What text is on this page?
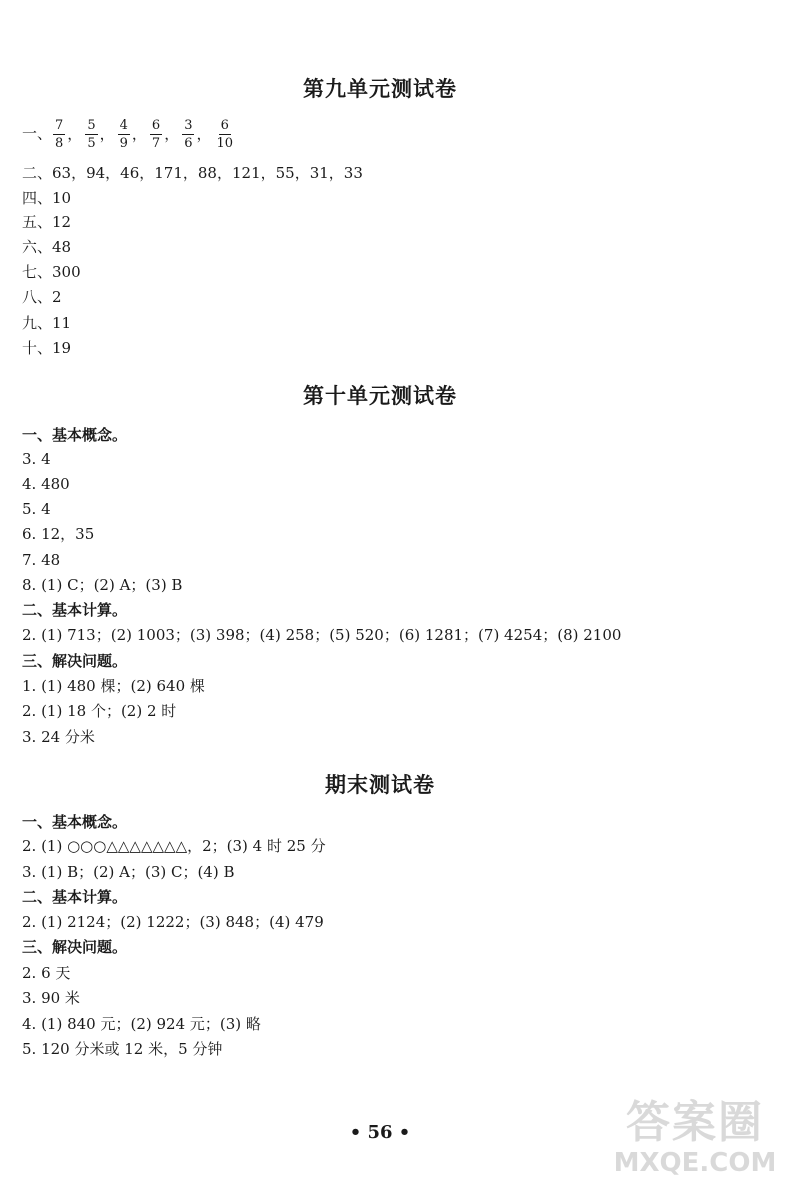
第九单元测试卷
一、 $\frac{7}{8}$ ， $\frac{5}{5}$ ， $\frac{4}{9}$ ， $\frac{6}{7}$ ， $\frac{3}{6}$ ， $\frac{6}{10}$
二、63，94，46，171，88，121，55，31，33
四、10
五、12
六、48
七、300
八、2
九、11
十、19
第十单元测试卷
一、基本概念。
3. 4
4. 480
5. 4
6. 12，35
7. 48
8. (1) C；(2) A；(3) B
二、基本计算。
2. (1) 713；(2) 1003；(3) 398；(4) 258；(5) 520；(6) 1281；(7) 4254；(8) 2100
三、解决问题。
1. (1) 480 棵；(2) 640 棵
2. (1) 18 个；(2) 2 时
3. 24 分米
期末测试卷
一、基本概念。
2. (1) ○○○△△△△△△△，2；(3) 4 时 25 分
3. (1) B；(2) A；(3) C；(4) B
二、基本计算。
2. (1) 2124；(2) 1222；(3) 848；(4) 479
三、解决问题。
2. 6 天
3. 90 米
4. (1) 840 元；(2) 924 元；(3) 略
5. 120 分米或 12 米，5 分钟
• 56 •	答案圈
MXQE.COM
